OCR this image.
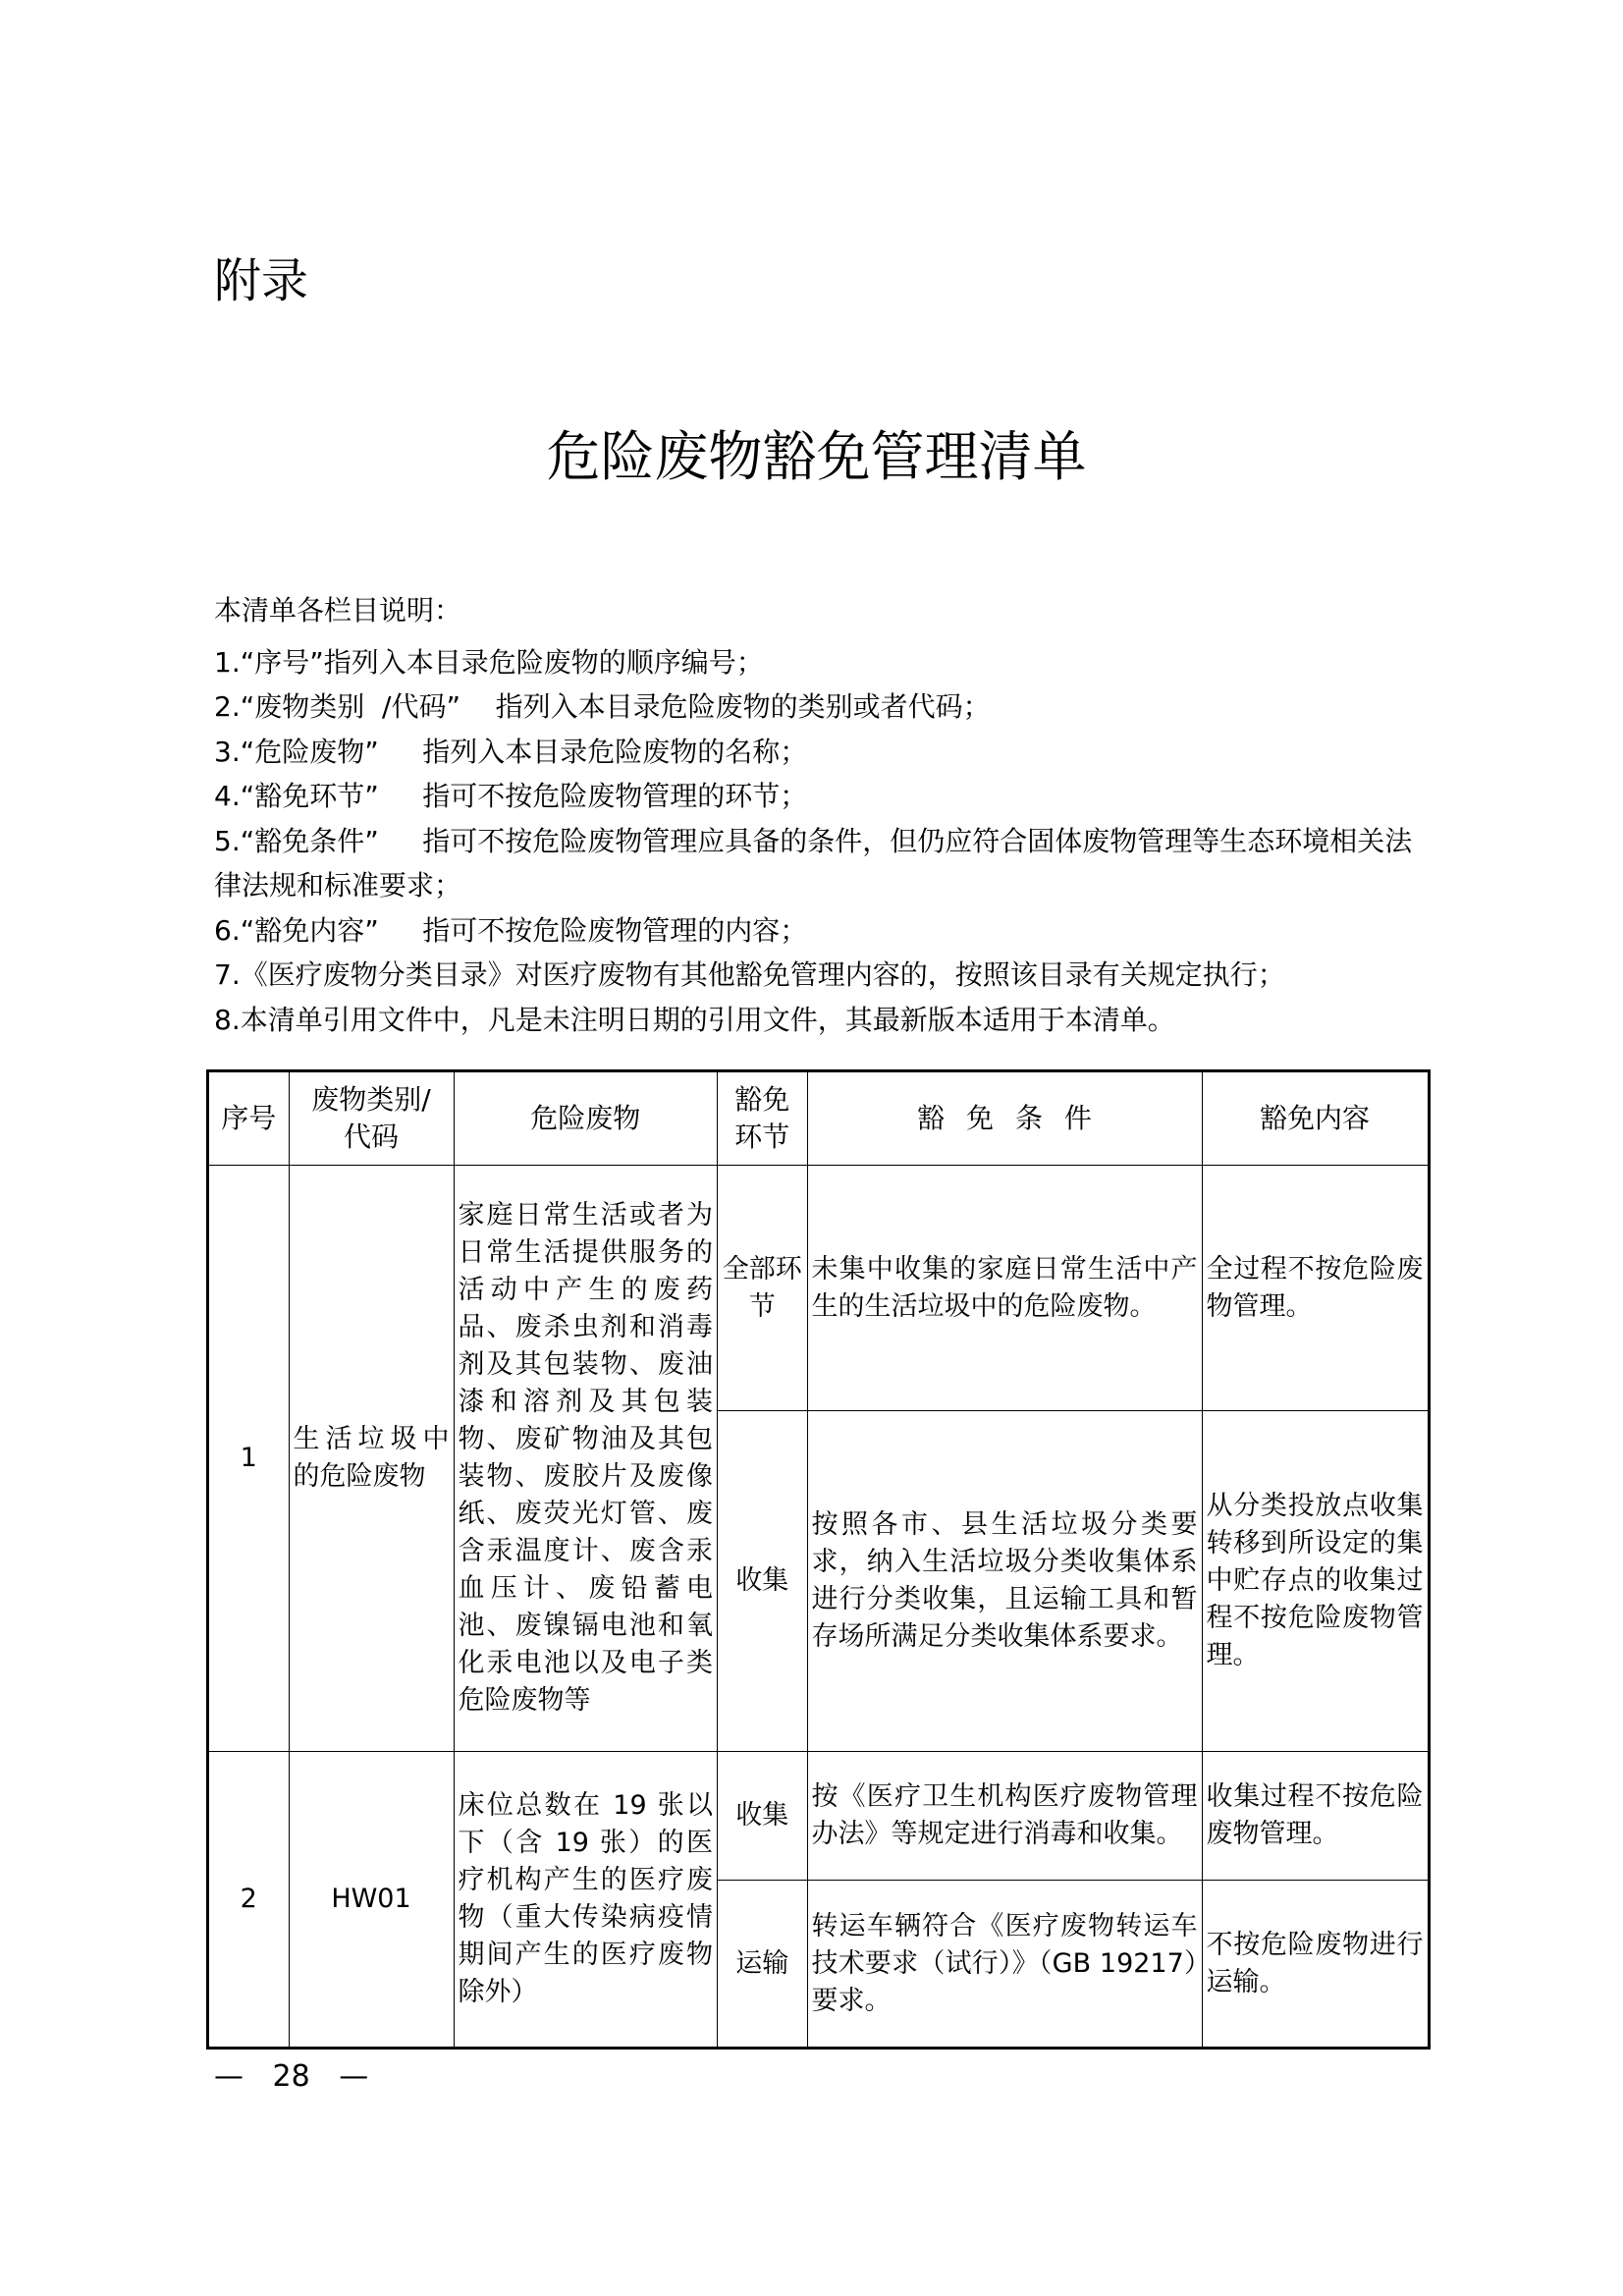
附录
危险废物豁免管理清单

本清单各栏目说明：

1.“序号”指列入本目录危险废物的顺序编号；

2.“废物类别  /代码”    指列入本目录危险废物的类别或者代码；

3.“危险废物”     指列入本目录危险废物的名称；

4.“豁免环节”     指可不按危险废物管理的环节；

5.“豁免条件”     指可不按危险废物管理应具备的条件，但仍应符合固体废物管理等生态环境相关法律法规和标准要求；

6.“豁免内容”     指可不按危险废物管理的内容；

7.《医疗废物分类目录》对医疗废物有其他豁免管理内容的，按照该目录有关规定执行；

8.本清单引用文件中，凡是未注明日期的引用文件，其最新版本适用于本清单。

序号	废物类别/代码	危险废物	豁免环节	豁 免 条 件	豁免内容
1	生活垃圾中的危险废物	家庭日常生活或者为日常生活提供服务的活动中产生的废药品、废杀虫剂和消毒剂及其包装物、废油漆和溶剂及其包装物、废矿物油及其包装物、废胶片及废像纸、废荧光灯管、废含汞温度计、废含汞血压计、废铅蓄电池、废镍镉电池和氧化汞电池以及电子类危险废物等	全部环节	未集中收集的家庭日常生活中产生的生活垃圾中的危险废物。	全过程不按危险废物管理。
			收集	按照各市、县生活垃圾分类要求，纳入生活垃圾分类收集体系进行分类收集，且运输工具和暂存场所满足分类收集体系要求。	从分类投放点收集转移到所设定的集中贮存点的收集过程不按危险废物管理。
2	HW01	床位总数在 19 张以下（含 19 张）的医疗机构产生的医疗废物（重大传染病疫情期间产生的医疗废物除外）	收集	按《医疗卫生机构医疗废物管理办法》等规定进行消毒和收集。	收集过程不按危险废物管理。
			运输	转运车辆符合《医疗废物转运车技术要求（试行）》（GB 19217）要求。	不按危险废物进行运输。
— 28 —
